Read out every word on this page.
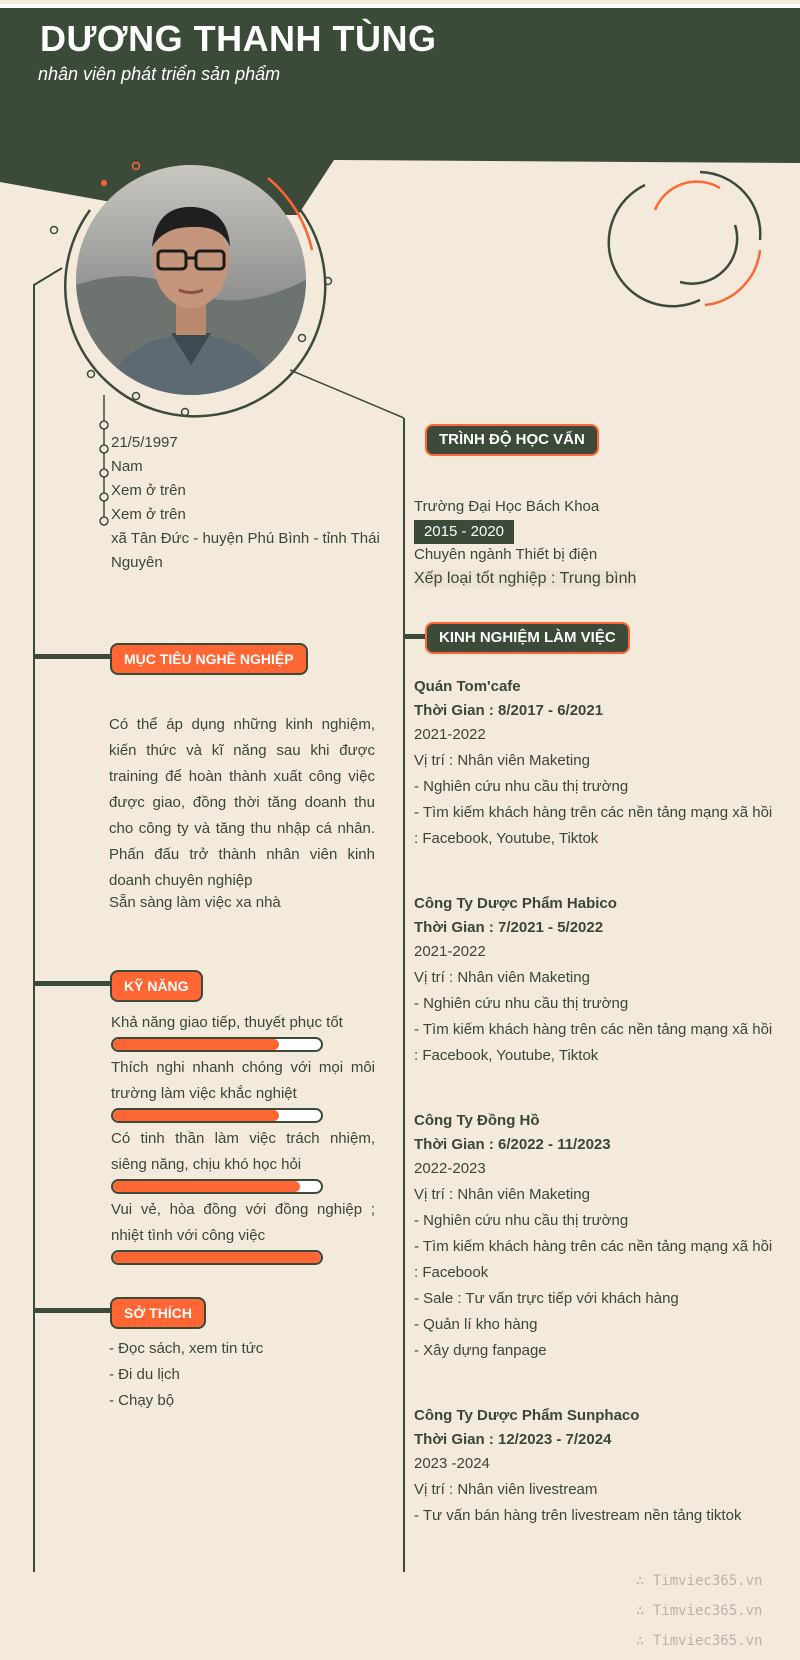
DƯƠNG THANH TÙNG
nhân viên phát triển sản phẩm
21/5/1997
Nam
Xem ở trên
Xem ở trên
xã Tân Đức - huyện Phú Bình - tỉnh Thái
Nguyên
MỤC TIÊU NGHỀ NGHIỆP
Có thể áp dụng những kinh nghiệm, kiến thức và kĩ năng sau khi được training để hoàn thành xuất công việc được giao, đồng thời tăng doanh thu cho công ty và tăng thu nhập cá nhân. Phấn đấu trở thành nhân viên kinh doanh chuyên nghiệp
Sẵn sàng làm việc xa nhà
KỸ NĂNG
Khả năng giao tiếp, thuyết phục tốt
Thích nghi nhanh chóng với mọi môi trường làm việc khắc nghiệt
Có tinh thần làm việc trách nhiệm, siêng năng, chịu khó học hỏi
Vui vẻ, hòa đồng với đồng nghiệp ; nhiệt tình với công việc
SỞ THÍCH
- Đọc sách, xem tin tức
- Đi du lịch
- Chạy bộ
TRÌNH ĐỘ HỌC VẤN
Trường Đại Học Bách Khoa
2015 - 2020
Chuyên ngành Thiết bị điện
Xếp loại tốt nghiệp : Trung bình
KINH NGHIỆM LÀM VIỆC
Quán Tom'cafe
Thời Gian : 8/2017 - 6/2021
2021-2022
Vị trí : Nhân viên Maketing
- Nghiên cứu nhu cầu thị trường
- Tìm kiếm khách hàng trên các nền tảng mạng xã hồi
: Facebook, Youtube, Tiktok
Công Ty Dược Phẩm Habico
Thời Gian : 7/2021 - 5/2022
2021-2022
Vị trí : Nhân viên Maketing
- Nghiên cứu nhu cầu thị trường
- Tìm kiếm khách hàng trên các nền tảng mạng xã hồi
: Facebook, Youtube, Tiktok
Công Ty Đồng Hồ
Thời Gian : 6/2022 - 11/2023
2022-2023
Vị trí : Nhân viên Maketing
- Nghiên cứu nhu cầu thị trường
- Tìm kiếm khách hàng trên các nền tảng mạng xã hồi
: Facebook
- Sale : Tư vấn trực tiếp với khách hàng
- Quản lí kho hàng
- Xây dựng fanpage
Công Ty Dược Phẩm Sunphaco
Thời Gian : 12/2023 - 7/2024
2023 -2024
Vị trí : Nhân viên livestream
- Tư vấn bán hàng trên livestream nền tảng tiktok
∴ Timviec365.vn
∴ Timviec365.vn
∴ Timviec365.vn
